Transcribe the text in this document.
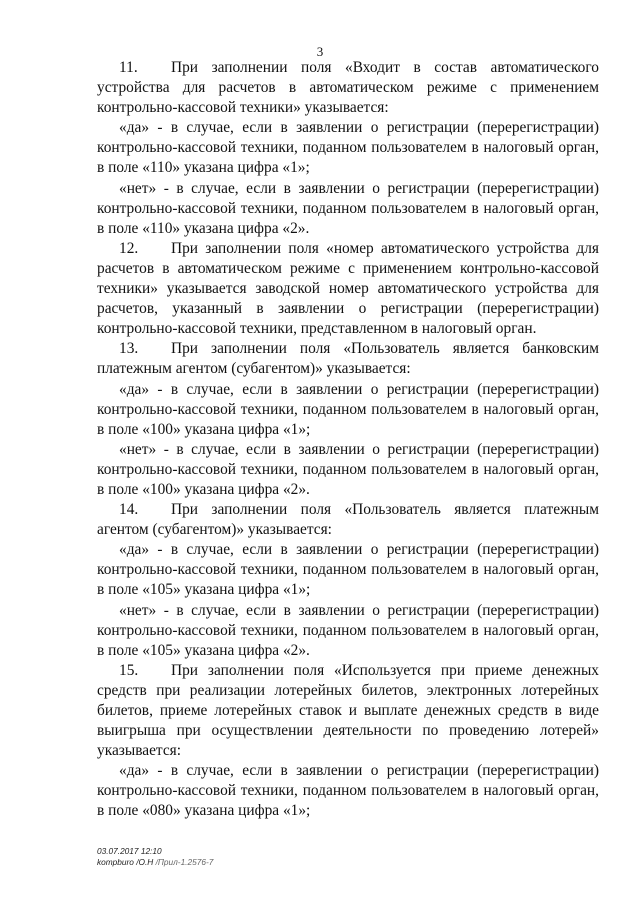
3

11. При заполнении поля «Входит в состав автоматического устройства для расчетов в автоматическом режиме с применением контрольно-кассовой техники» указывается:

«да» - в случае, если в заявлении о регистрации (перерегистрации) контрольно-кассовой техники, поданном пользователем в налоговый орган, в поле «110» указана цифра «1»;

«нет» - в случае, если в заявлении о регистрации (перерегистрации) контрольно-кассовой техники, поданном пользователем в налоговый орган, в поле «110» указана цифра «2».

12. При заполнении поля «номер автоматического устройства для расчетов в автоматическом режиме с применением контрольно-кассовой техники» указывается заводской номер автоматического устройства для расчетов, указанный в заявлении о регистрации (перерегистрации) контрольно-кассовой техники, представленном в налоговый орган.

13. При заполнении поля «Пользователь является банковским платежным агентом (субагентом)» указывается:

«да» - в случае, если в заявлении о регистрации (перерегистрации) контрольно-кассовой техники, поданном пользователем в налоговый орган, в поле «100» указана цифра «1»;

«нет» - в случае, если в заявлении о регистрации (перерегистрации) контрольно-кассовой техники, поданном пользователем в налоговый орган, в поле «100» указана цифра «2».

14. При заполнении поля «Пользователь является платежным агентом (субагентом)» указывается:

«да» - в случае, если в заявлении о регистрации (перерегистрации) контрольно-кассовой техники, поданном пользователем в налоговый орган, в поле «105» указана цифра «1»;

«нет» - в случае, если в заявлении о регистрации (перерегистрации) контрольно-кассовой техники, поданном пользователем в налоговый орган, в поле «105» указана цифра «2».

15. При заполнении поля «Используется при приеме денежных средств при реализации лотерейных билетов, электронных лотерейных билетов, приеме лотерейных ставок и выплате денежных средств в виде выигрыша при осуществлении деятельности по проведению лотерей» указывается:

«да» - в случае, если в заявлении о регистрации (перерегистрации) контрольно-кассовой техники, поданном пользователем в налоговый орган, в поле «080» указана цифра «1»;

03.07.2017 12:10
kompburo /О.Н /Прил-1.2576-7
